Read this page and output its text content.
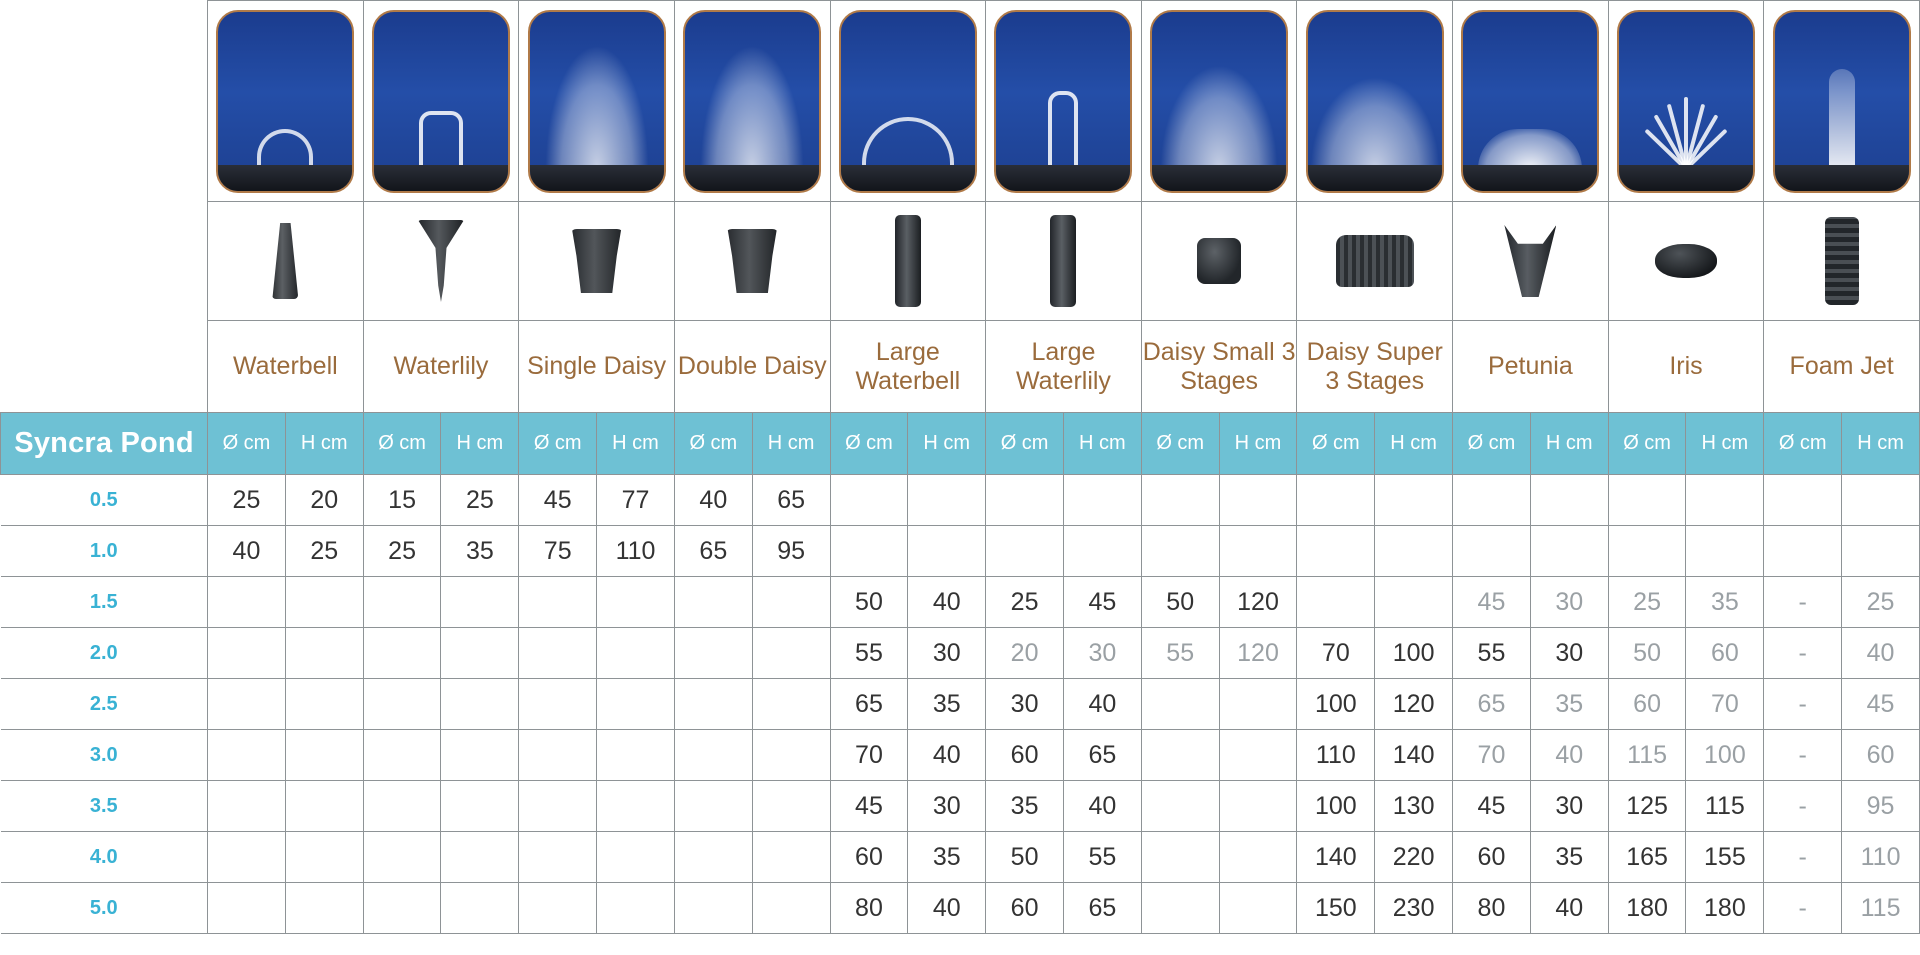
	Waterbell		Waterlily		Single Daisy		Double Daisy		Large Waterbell		Large Waterlily		Daisy Small 3 Stages		Daisy Super 3 Stages		Petunia		Iris		Foam Jet	
Syncra Pond	Ø cm	H cm	Ø cm	H cm	Ø cm	H cm	Ø cm	H cm	Ø cm	H cm	Ø cm	H cm	Ø cm	H cm	Ø cm	H cm	Ø cm	H cm	Ø cm	H cm	Ø cm	H cm
0.5	25	20	15	25	45	77	40	65														
1.0	40	25	25	35	75	110	65	95														
1.5									50	40	25	45	50	120			45	30	25	35	-	25
2.0									55	30	20	30	55	120	70	100	55	30	50	60	-	40
2.5									65	35	30	40			100	120	65	35	60	70	-	45
3.0									70	40	60	65			110	140	70	40	115	100	-	60
3.5									45	30	35	40			100	130	45	30	125	115	-	95
4.0									60	35	50	55			140	220	60	35	165	155	-	110
5.0									80	40	60	65			150	230	80	40	180	180	-	115
